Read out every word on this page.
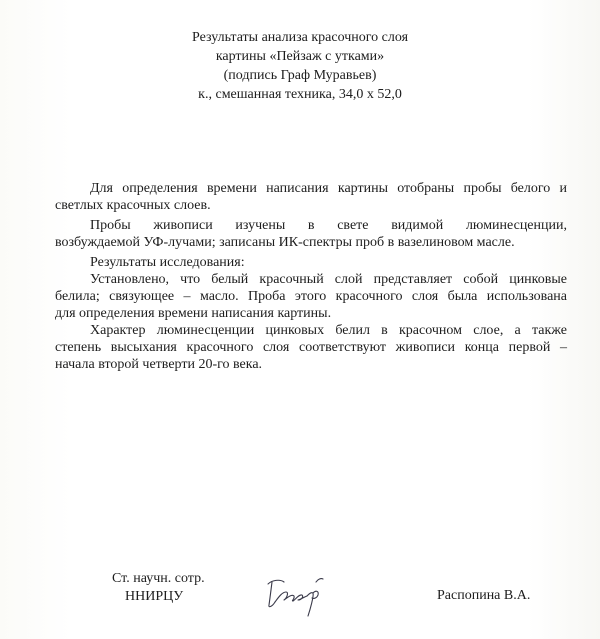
Результаты анализа красочного слоя
картины «Пейзаж с утками»
(подпись Граф Муравьев)
к., смешанная техника, 34,0 х 52,0
Для определения времени написания картины отобраны пробы белого и
светлых красочных слоев.
Пробы живописи изучены в свете видимой люминесценции,
возбуждаемой УФ-лучами; записаны ИК-спектры проб в вазелиновом масле.
Результаты исследования:
Установлено, что белый красочный слой представляет собой цинковые
белила; связующее – масло. Проба этого красочного слоя была использована
для определения времени написания картины.
Характер люминесценции цинковых белил в красочном слое, а также
степень высыхания красочного слоя соответствуют живописи конца первой –
начала второй четверти 20-го века.
Ст. научн. сотр.
ННИРЦУ	Распопина В.А.
